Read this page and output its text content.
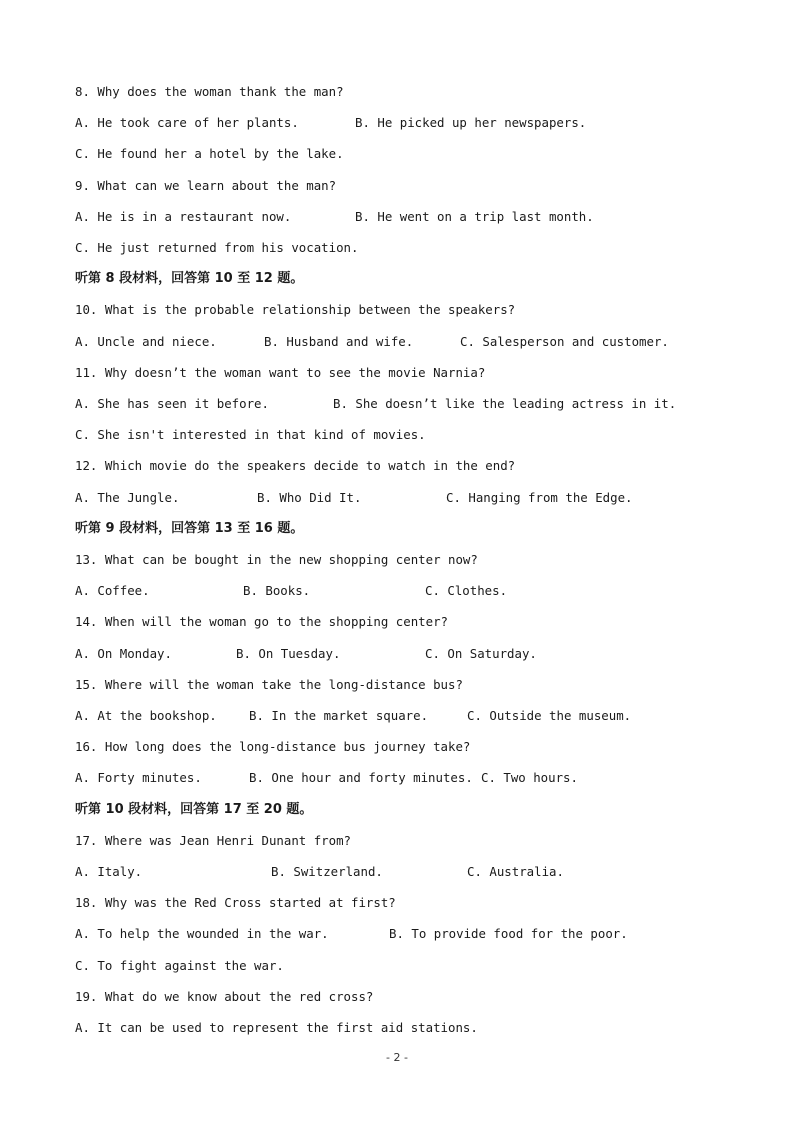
8. Why does the woman thank the man?
A. He took care of her plants.	B. He picked up her newspapers.
C. He found her a hotel by the lake.
9. What can we learn about the man?
A. He is in a restaurant now.	B. He went on a trip last month.
C. He just returned from his vocation.
听第 8 段材料，回答第 10 至 12 题。
10. What is the probable relationship between the speakers?
A. Uncle and niece.	B. Husband and wife.	C. Salesperson and customer.
11. Why doesn’t the woman want to see the movie Narnia?
A. She has seen it before.	B. She doesn’t like the leading actress in it.
C. She isn't interested in that kind of movies.
12. Which movie do the speakers decide to watch in the end?
A. The Jungle.	B. Who Did It.	C. Hanging from the Edge.
听第 9 段材料，回答第 13 至 16 题。
13. What can be bought in the new shopping center now?
A. Coffee.	B. Books.	C. Clothes.
14. When will the woman go to the shopping center?
A. On Monday.	B. On Tuesday.	C. On Saturday.
15. Where will the woman take the long-distance bus?
A. At the bookshop.	B. In the market square.	C. Outside the museum.
16. How long does the long-distance bus journey take?
A. Forty minutes.	B. One hour and forty minutes. C. Two hours.
听第 10 段材料，回答第 17 至 20 题。
17. Where was Jean Henri Dunant from?
A. Italy.	B. Switzerland.	C. Australia.
18. Why was the Red Cross started at first?
A. To help the wounded in the war.	B. To provide food for the poor.
C. To fight against the war.
19. What do we know about the red cross?
A. It can be used to represent the first aid stations.
- 2 -
